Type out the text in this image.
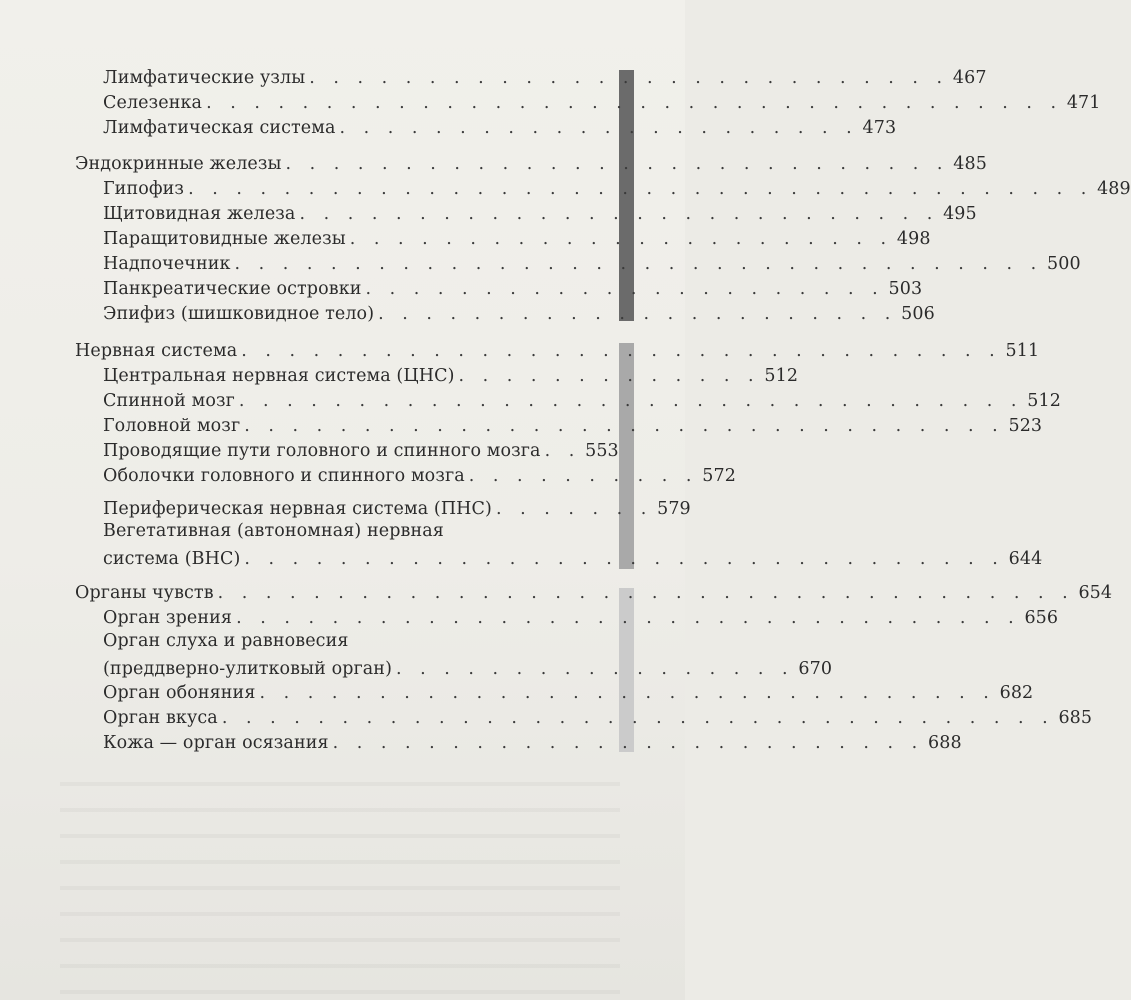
Лимфатические узлы . . . . . . . . . . . . . . . . . . . . . . . . . . . 467
Селезенка . . . . . . . . . . . . . . . . . . . . . . . . . . . . . . . . . . . . 471
Лимфатическая система . . . . . . . . . . . . . . . . . . . . . . 473
Эндокринные железы . . . . . . . . . . . . . . . . . . . . . . . . . . . . 485
Гипофиз . . . . . . . . . . . . . . . . . . . . . . . . . . . . . . . . . . . . . . 489
Щитовидная железа . . . . . . . . . . . . . . . . . . . . . . . . . . . 495
Паращитовидные железы . . . . . . . . . . . . . . . . . . . . . . . 498
Надпочечник . . . . . . . . . . . . . . . . . . . . . . . . . . . . . . . . . . 500
Панкреатические островки . . . . . . . . . . . . . . . . . . . . . . 503
Эпифиз (шишковидное тело) . . . . . . . . . . . . . . . . . . . . . . 506
Нервная система . . . . . . . . . . . . . . . . . . . . . . . . . . . . . . . . 511
Центральная нервная система (ЦНС) . . . . . . . . . . . . . 512
Спинной мозг . . . . . . . . . . . . . . . . . . . . . . . . . . . . . . . . . 512
Головной мозг . . . . . . . . . . . . . . . . . . . . . . . . . . . . . . . . 523
Проводящие пути головного и спинного мозга . . 553
Оболочки головного и спинного мозга . . . . . . . . . . 572
Периферическая нервная система (ПНС) . . . . . . . 579
Вегетативная (автономная) нервная
система (ВНС) . . . . . . . . . . . . . . . . . . . . . . . . . . . . . . . . 644
Органы чувств . . . . . . . . . . . . . . . . . . . . . . . . . . . . . . . . . . . . 654
Орган зрения . . . . . . . . . . . . . . . . . . . . . . . . . . . . . . . . . 656
Орган слуха и равновесия
(преддверно-улитковый орган) . . . . . . . . . . . . . . . . . 670
Орган обоняния . . . . . . . . . . . . . . . . . . . . . . . . . . . . . . . 682
Орган вкуса . . . . . . . . . . . . . . . . . . . . . . . . . . . . . . . . . . . 685
Кожа — орган осязания . . . . . . . . . . . . . . . . . . . . . . . . . 688
